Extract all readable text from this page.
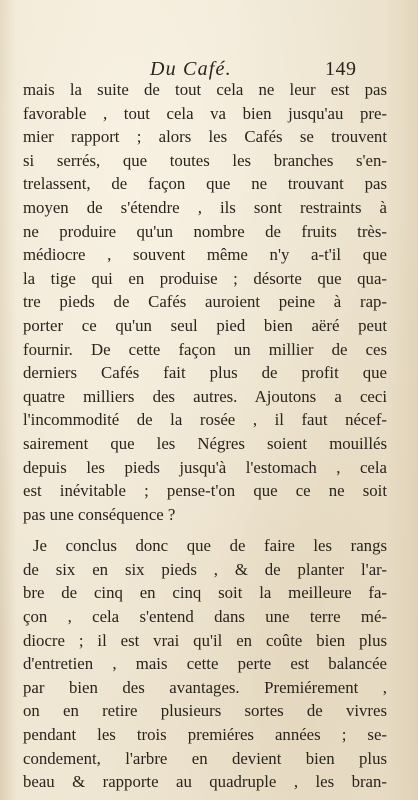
Du Café.	149
mais la suite de tout cela ne leur est pas
favorable , tout cela va bien jusqu'au pre-
mier rapport ; alors les Cafés se trouvent
si serrés, que toutes les branches s'en-
trelassent, de façon que ne trouvant pas
moyen de s'étendre , ils sont restraints à
ne produire qu'un nombre de fruits très-
médiocre , souvent même n'y a-t'il que
la tige qui en produise ; désorte que qua-
tre pieds de Cafés auroient peine à rap-
porter ce qu'un seul pied bien aëré peut
fournir. De cette façon un millier de ces
derniers Cafés fait plus de profit que
quatre milliers des autres. Ajoutons a ceci
l'incommodité de la rosée , il faut nécef-
sairement que les Négres soient mouillés
depuis les pieds jusqu'à l'estomach , cela
est inévitable ; pense-t'on que ce ne soit
pas une conséquence ?
Je conclus donc que de faire les rangs
de six en six pieds , & de planter l'ar-
bre de cinq en cinq soit la meilleure fa-
çon , cela s'entend dans une terre mé-
diocre ; il est vrai qu'il en coûte bien plus
d'entretien , mais cette perte est balancée
par bien des avantages. Premiérement ,
on en retire plusieurs sortes de vivres
pendant les trois premiéres années ; se-
condement, l'arbre en devient bien plus
beau & rapporte au quadruple , les bran-
